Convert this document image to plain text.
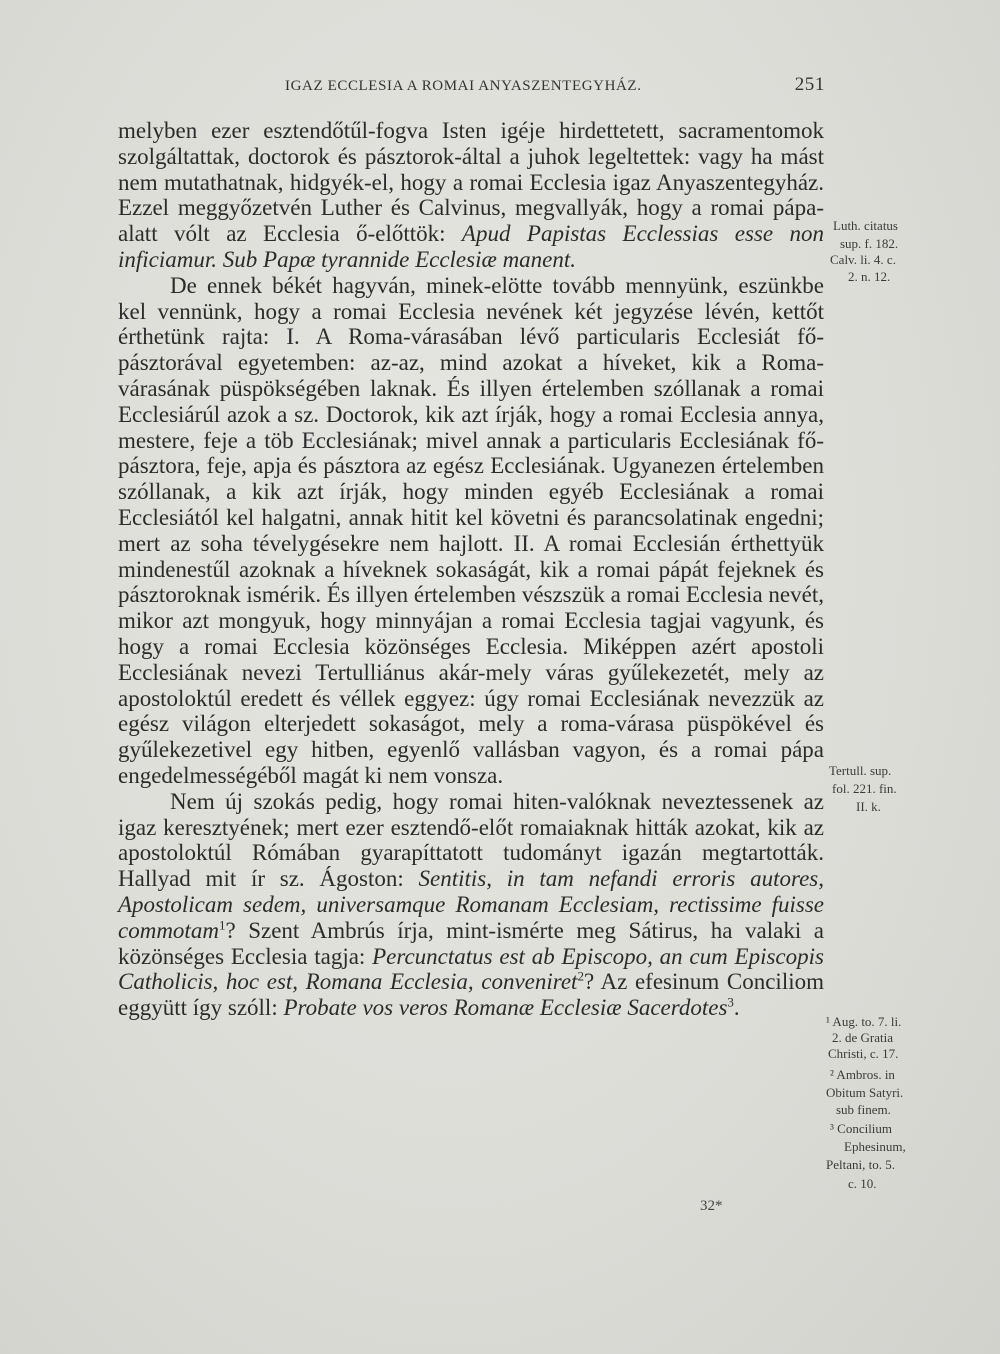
IGAZ ECCLESIA A ROMAI ANYASZENTEGYHÁZ.	251

melyben ezer esztendőtűl-fogva Isten igéje hirdettetett, sacramentomok szolgáltattak, doctorok és pásztorok-által a juhok legeltettek: vagy ha mást nem mutathatnak, hidgyék-el, hogy a romai Ecclesia igaz Anyaszentegyház. Ezzel meggyőzetvén Luther és Calvinus, megvallyák, hogy a romai pápa-alatt vólt az Ecclesia ő-előttök: Apud Papistas Ecclessias esse non inficiamur. Sub Papæ tyrannide Ecclesiæ manent.

De ennek békét hagyván, minek-elötte tovább mennyünk, eszünkbe kel vennünk, hogy a romai Ecclesia nevének két jegyzése lévén, kettőt érthetünk rajta: I. A Roma-várasában lévő particularis Ecclesiát fő-pásztorával egyetemben: az-az, mind azokat a híveket, kik a Roma-várasának püspökségében laknak. És illyen értelemben szóllanak a romai Ecclesiárúl azok a sz. Doctorok, kik azt írják, hogy a romai Ecclesia annya, mestere, feje a töb Ecclesiának; mivel annak a particularis Ecclesiának fő-pásztora, feje, apja és pásztora az egész Ecclesiának. Ugyanezen értelemben szóllanak, a kik azt írják, hogy minden egyéb Ecclesiának a romai Ecclesiától kel halgatni, annak hitit kel követni és parancsolatinak engedni; mert az soha tévelygésekre nem hajlott. II. A romai Ecclesián érthettyük mindenestűl azoknak a híveknek sokaságát, kik a romai pápát fejeknek és pásztoroknak ismérik. És illyen értelemben vészszük a romai Ecclesia nevét, mikor azt mongyuk, hogy minnyájan a romai Ecclesia tagjai vagyunk, és hogy a romai Ecclesia közönséges Ecclesia. Miképpen azért apostoli Ecclesiának nevezi Tertulliánus akár-mely váras gyűlekezetét, mely az apostoloktúl eredett és véllek eggyez: úgy romai Ecclesiának nevezzük az egész világon elterjedett sokaságot, mely a roma-várasa püspökével és gyűlekezetivel egy hitben, egyenlő vallásban vagyon, és a romai pápa engedelmességéből magát ki nem vonsza.

Nem új szokás pedig, hogy romai hiten-valóknak neveztessenek az igaz keresztyének; mert ezer esztendő-előt romaiaknak hitták azokat, kik az apostoloktúl Rómában gyarapíttatott tudományt igazán megtartották. Hallyad mit ír sz. Ágoston: Sentitis, in tam nefandi erroris autores, Apostolicam sedem, universamque Romanam Ecclesiam, rectissime fuisse commotam$^1$? Szent Ambrús írja, mint-ismérte meg Sátirus, ha valaki a közönséges Ecclesia tagja: Percunctatus est ab Episcopo, an cum Episcopis Catholicis, hoc est, Romana Ecclesia, conveniret$^2$? Az efesinum Conciliom eggyütt így szóll: Probate vos veros Romanæ Ecclesiæ Sacerdotes$^3$.

Luth. citatus
sup. f. 182.
Calv. li. 4. c.
2. n. 12.
Tertull. sup.
fol. 221. fin.
II. k.
¹ Aug. to. 7. li.
2. de Gratia
Christi, c. 17.
² Ambros. in
Obitum Satyri.
sub finem.
³ Concilium
Ephesinum,
Peltani, to. 5.
c. 10.
32*
